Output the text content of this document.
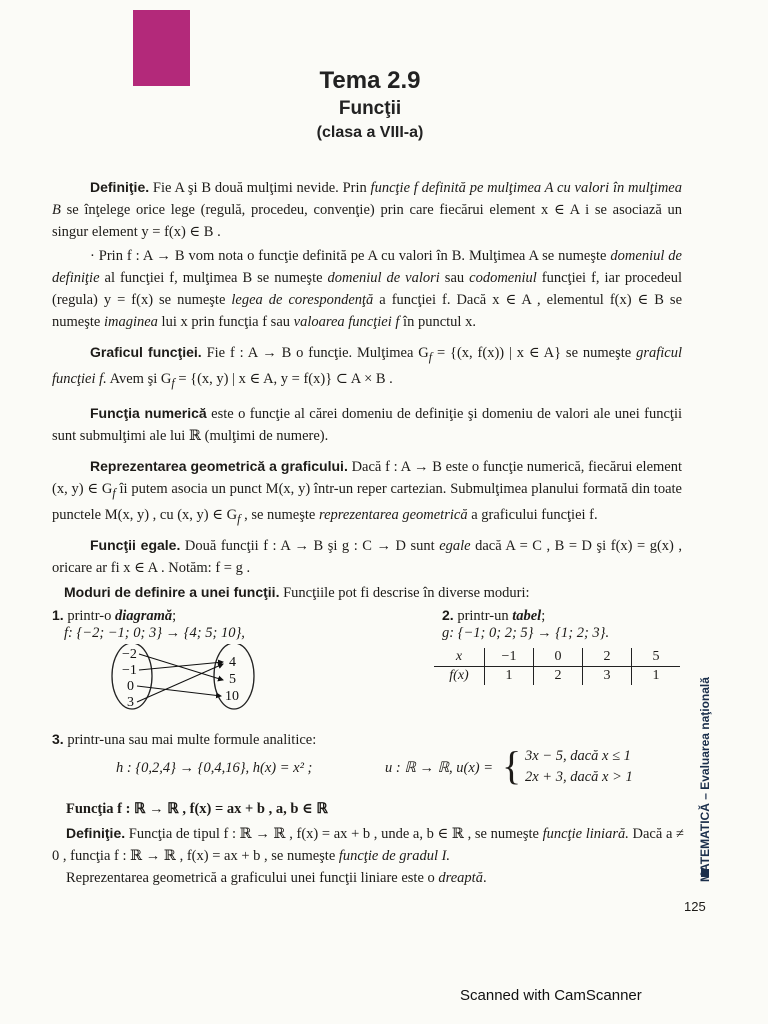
Tema 2.9
Funcţii
(clasa a VIII-a)

Definiţie. Fie A şi B două mulţimi nevide. Prin funcţie f definită pe mulţimea A cu valori în mulţimea B se înţelege orice lege (regulă, procedeu, convenţie) prin care fiecărui element x ∈ A i se asociază un singur element y = f(x) ∈ B .

· Prin f : A → B vom nota o funcţie definită pe A cu valori în B. Mulţimea A se numeşte domeniul de definiţie al funcţiei f, mulţimea B se numeşte domeniul de valori sau codomeniul funcţiei f, iar procedeul (regula) y = f(x) se numeşte legea de corespondenţă a funcţiei f. Dacă x ∈ A , elementul f(x) ∈ B se numeşte imaginea lui x prin funcţia f sau valoarea funcţiei f în punctul x.

Graficul funcţiei. Fie f : A → B o funcţie. Mulţimea $G_f = \{(x$, f(x)) | x ∈ A} se numeşte graficul funcţiei f. Avem şi $G_f = \{(x$, y) | x ∈ A, y = f(x)} ⊂ A × B .

Funcţia numerică este o funcţie al cărei domeniu de definiţie şi domeniu de valori ale unei funcţii sunt submulţimi ale lui ℝ (mulţimi de numere).

Reprezentarea geometrică a graficului. Dacă f : A → B este o funcţie numerică, fiecărui element (x, y) ∈ $G_f$ îi putem asocia un punct M(x, y) într-un reper cartezian. Submulţimea planului formată din toate punctele M(x, y) , cu (x, y) ∈ $G_f$ , se numeşte reprezentarea geometrică a graficului funcţiei f.

Funcţii egale. Două funcţii f : A → B şi g : C → D sunt egale dacă A = C , B = D şi f(x) = g(x) , oricare ar fi x ∈ A . Notăm: f = g .

Moduri de definire a unei funcţii. Funcţiile pot fi descrise în diverse moduri:
1. printr-o diagramă;
f: {−2; −1; 0; 3} → {4; 5; 10},
−2
−1
0
3
4
5
10
2. printr-un tabel;
g: {−1; 0; 2; 5} → {1; 2; 3}.
x	−1	0	2	5
f(x)	1	2	3	1
3. printr-una sau mai multe formule analitice:
h : {0,2,4} → {0,4,16}, h(x) = x² ;	u : ℝ → ℝ, u(x) = { 3x − 5, dacă x ≤ 1
2x + 3, dacă x > 1
Funcţia f : ℝ → ℝ , f(x) = ax + b , a, b ∈ ℝ

Definiţie. Funcţia de tipul f : ℝ → ℝ , f(x) = ax + b , unde a, b ∈ ℝ , se numeşte funcţie liniară. Dacă a ≠ 0 , funcţia f : ℝ → ℝ , f(x) = ax + b , se numeşte funcţie de gradul I.

Reprezentarea geometrică a graficului unei funcţii liniare este o dreaptă.	MATEMATICĂ – Evaluarea naţională
125
Scanned with CamScanner
